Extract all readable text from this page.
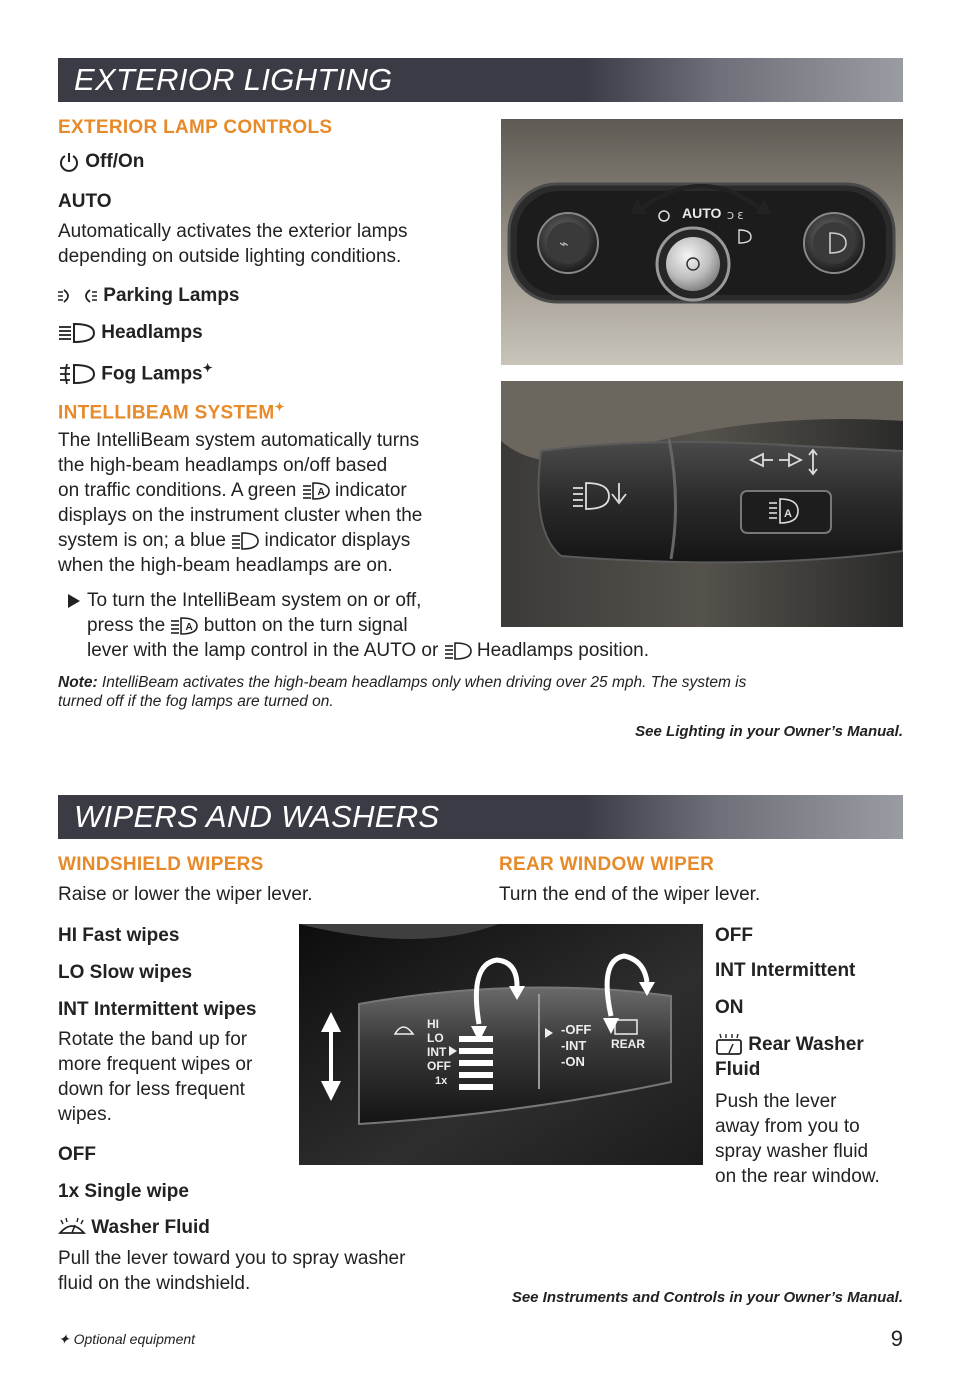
EXTERIOR LIGHTING
EXTERIOR LAMP CONTROLS
Off/On
AUTO
Automatically activates the exterior lamps
depending on outside lighting conditions.
Parking Lamps
Headlamps
Fog Lamps✦
INTELLIBEAM SYSTEM✦
The IntelliBeam system automatically turns
the high-beam headlamps on/off based
on traffic conditions. A green A indicator
displays on the instrument cluster when the
system is on; a blue indicator displays
when the high-beam headlamps are on.
To turn the IntelliBeam system on or off,
press the A button on the turn signal
lever with the lamp control in the AUTO or Headlamps position.
Note: IntelliBeam activates the high-beam headlamps only when driving over 25 mph. The system is
turned off if the fog lamps are turned on.
See Lighting in your Owner’s Manual.
⌁
AUTO Ɔ Ɛ
A
WIPERS AND WASHERS
WINDSHIELD WIPERS
Raise or lower the wiper lever.
HI Fast wipes
LO Slow wipes
INT Intermittent wipes
Rotate the band up for
more frequent wipes or
down for less frequent
wipes.
OFF
1x Single wipe
Washer Fluid
Pull the lever toward you to spray washer
fluid on the windshield.
REAR WINDOW WIPER
Turn the end of the wiper lever.
OFF
INT Intermittent
ON
Rear Washer
Fluid
Push the lever
away from you to
spray washer fluid
on the rear window.
See Instruments and Controls in your Owner’s Manual.
HI
LO
INT
OFF
1x
-OFF
-INT
-ON
REAR
✦ Optional equipment	9
